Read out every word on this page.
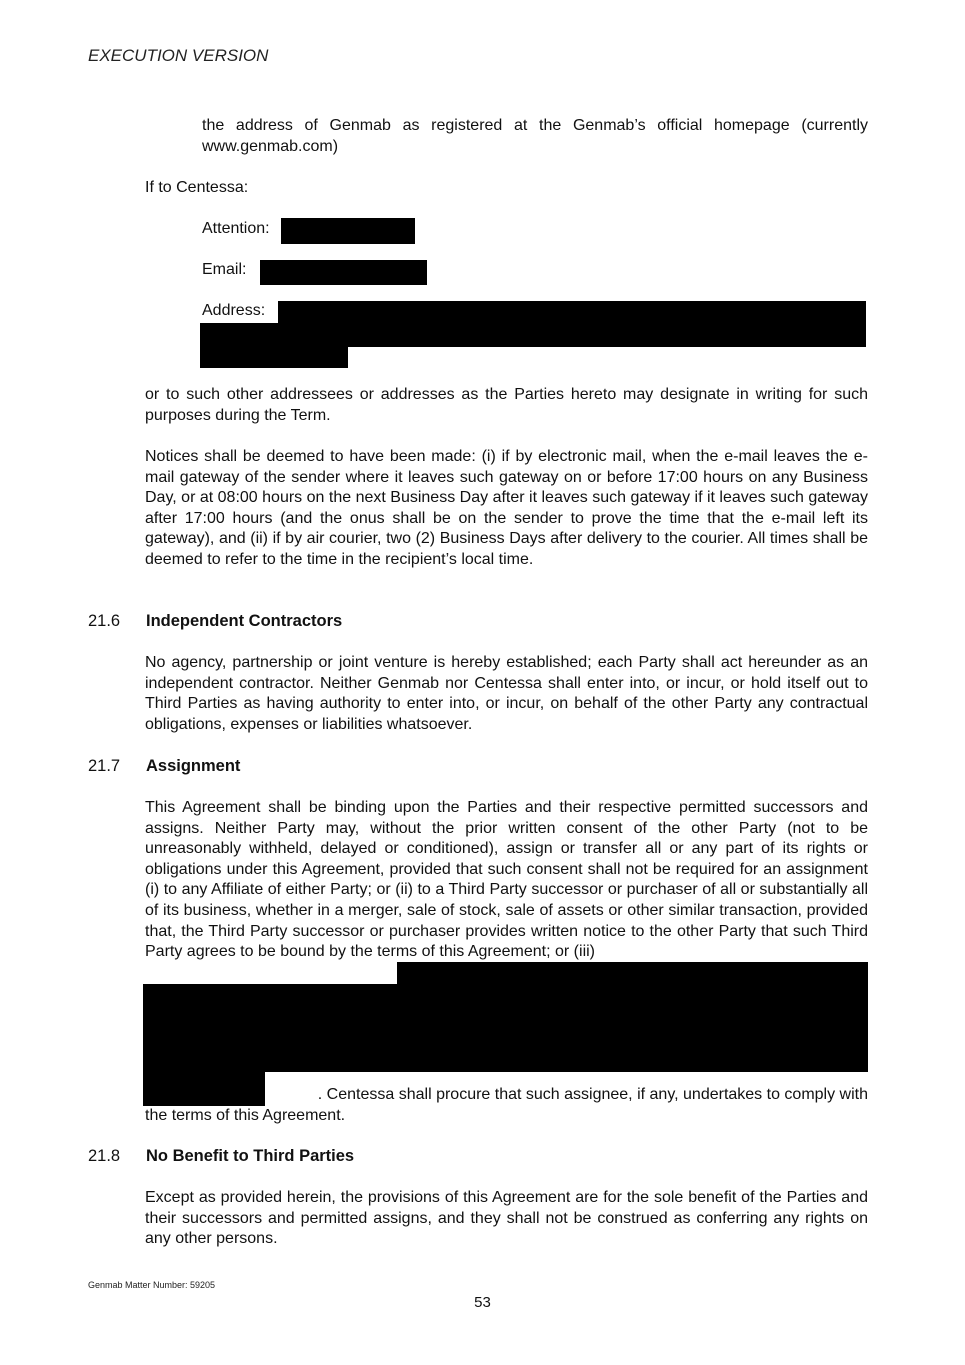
EXECUTION VERSION

the address of Genmab as registered at the Genmab’s official homepage (currently www.genmab.com)

If to Centessa:
Attention:
Email:
Address:

or to such other addressees or addresses as the Parties hereto may designate in writing for such purposes during the Term.

Notices shall be deemed to have been made: (i) if by electronic mail, when the e-mail leaves the e-mail gateway of the sender where it leaves such gateway on or before 17:00 hours on any Business Day, or at 08:00 hours on the next Business Day after it leaves such gateway if it leaves such gateway after 17:00 hours (and the onus shall be on the sender to prove the time that the e-mail left its gateway), and (ii) if by air courier, two (2) Business Days after delivery to the courier. All times shall be deemed to refer to the time in the recipient’s local time.

21.6 Independent Contractors

No agency, partnership or joint venture is hereby established; each Party shall act hereunder as an independent contractor. Neither Genmab nor Centessa shall enter into, or incur, or hold itself out to Third Parties as having authority to enter into, or incur, on behalf of the other Party any contractual obligations, expenses or liabilities whatsoever.

21.7 Assignment

This Agreement shall be binding upon the Parties and their respective permitted successors and assigns. Neither Party may, without the prior written consent of the other Party (not to be unreasonably withheld, delayed or conditioned), assign or transfer all or any part of its rights or obligations under this Agreement, provided that such consent shall not be required for an assignment (i) to any Affiliate of either Party; or (ii) to a Third Party successor or purchaser of all or substantially all of its business, whether in a merger, sale of stock, sale of assets or other similar transaction, provided that, the Third Party successor or purchaser provides written notice to the other Party that such Third Party agrees to be bound by the terms of this Agreement; or (iii)

. Centessa shall procure that such assignee, if any, undertakes to comply with

the terms of this Agreement.

21.8 No Benefit to Third Parties

Except as provided herein, the provisions of this Agreement are for the sole benefit of the Parties and their successors and permitted assigns, and they shall not be construed as conferring any rights on any other persons.

Genmab Matter Number: 59205
53
